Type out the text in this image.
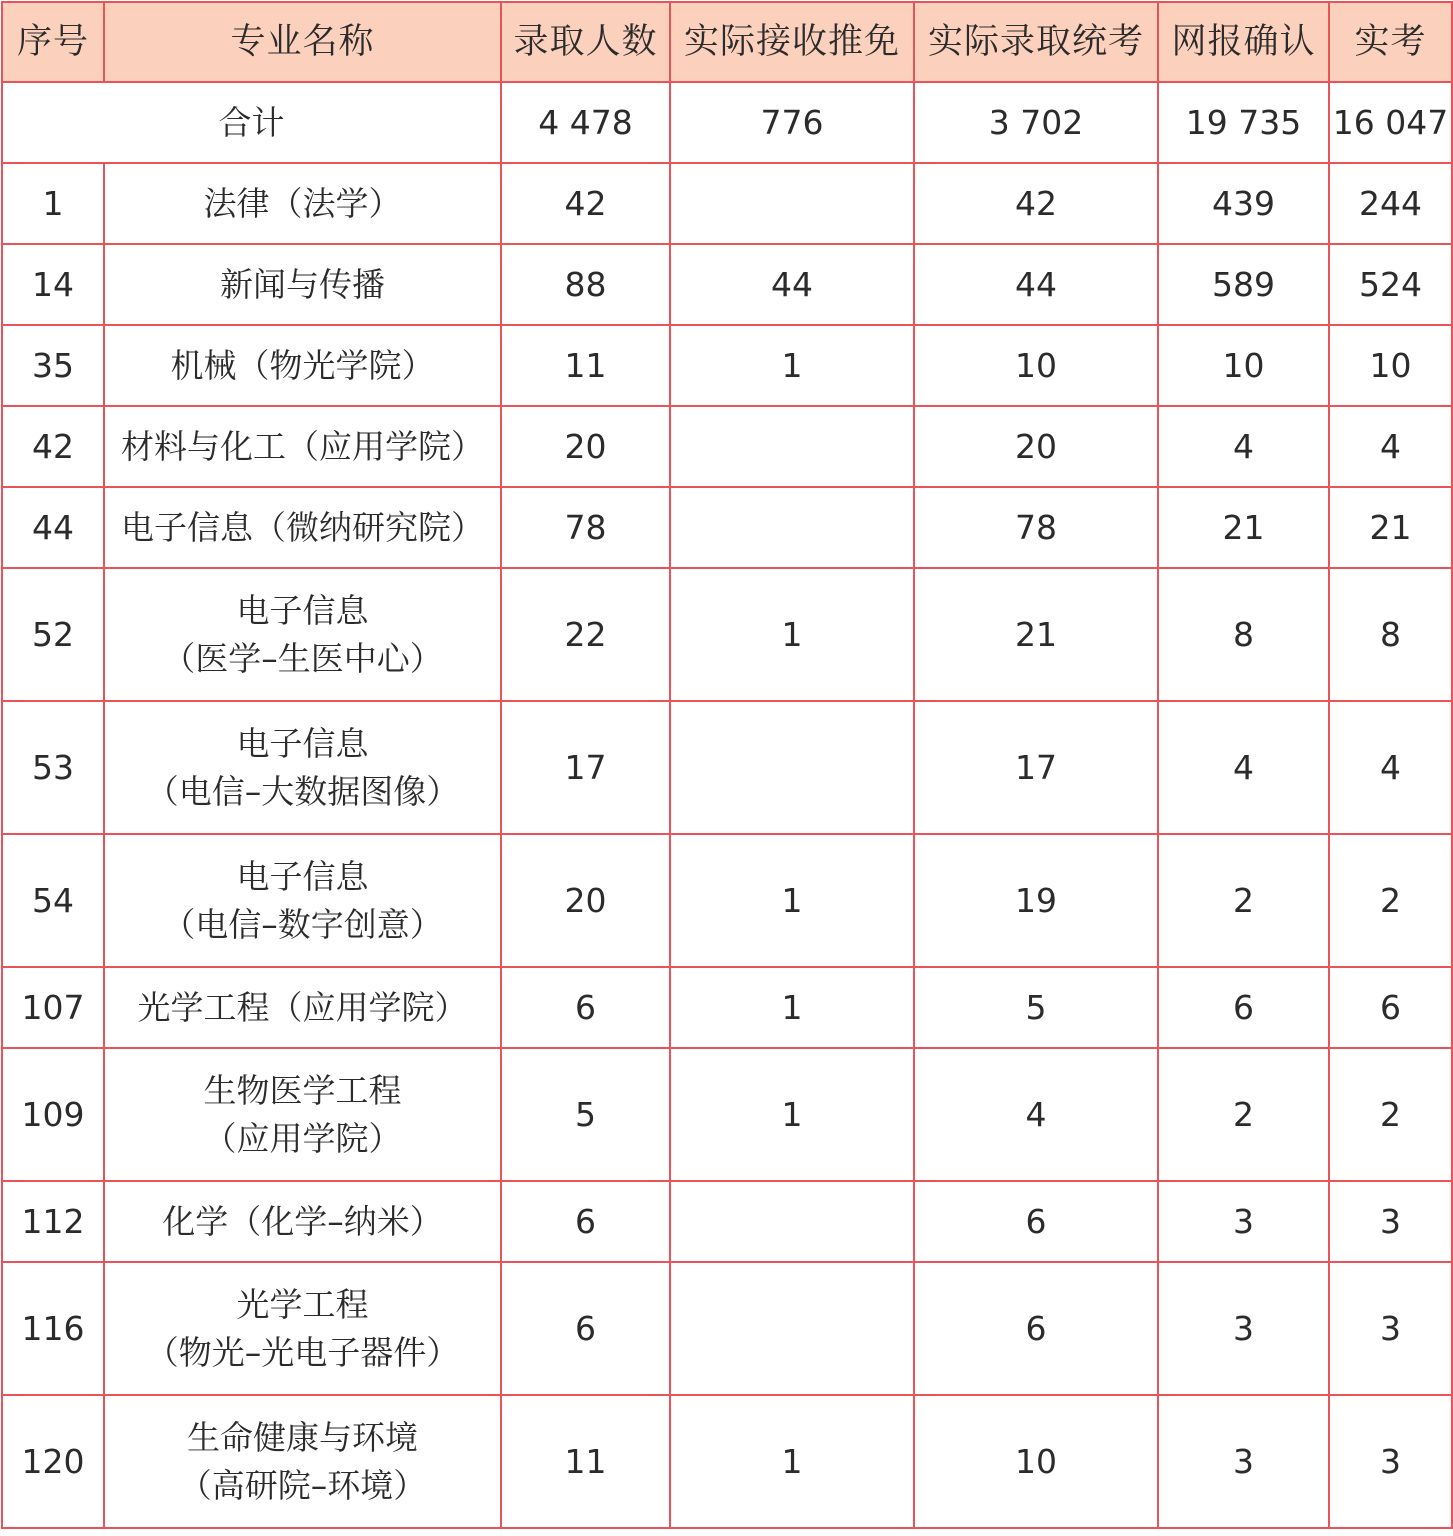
序号	专业名称	录取人数	实际接收推免	实际录取统考	网报确认	实考
合计		4 478	776	3 702	19 735	16 047
1	法律（法学）	42		42	439	244
14	新闻与传播	88	44	44	589	524
35	机械（物光学院）	11	1	10	10	10
42	材料与化工（应用学院）	20		20	4	4
44	电子信息（微纳研究院）	78		78	21	21
52	电子信息
（医学–生医中心）	22	1	21	8	8
53	电子信息
（电信–大数据图像）	17		17	4	4
54	电子信息
（电信–数字创意）	20	1	19	2	2
107	光学工程（应用学院）	6	1	5	6	6
109	生物医学工程
（应用学院）	5	1	4	2	2
112	化学（化学–纳米）	6		6	3	3
116	光学工程
（物光–光电子器件）	6		6	3	3
120	生命健康与环境
（高研院–环境）	11	1	10	3	3
